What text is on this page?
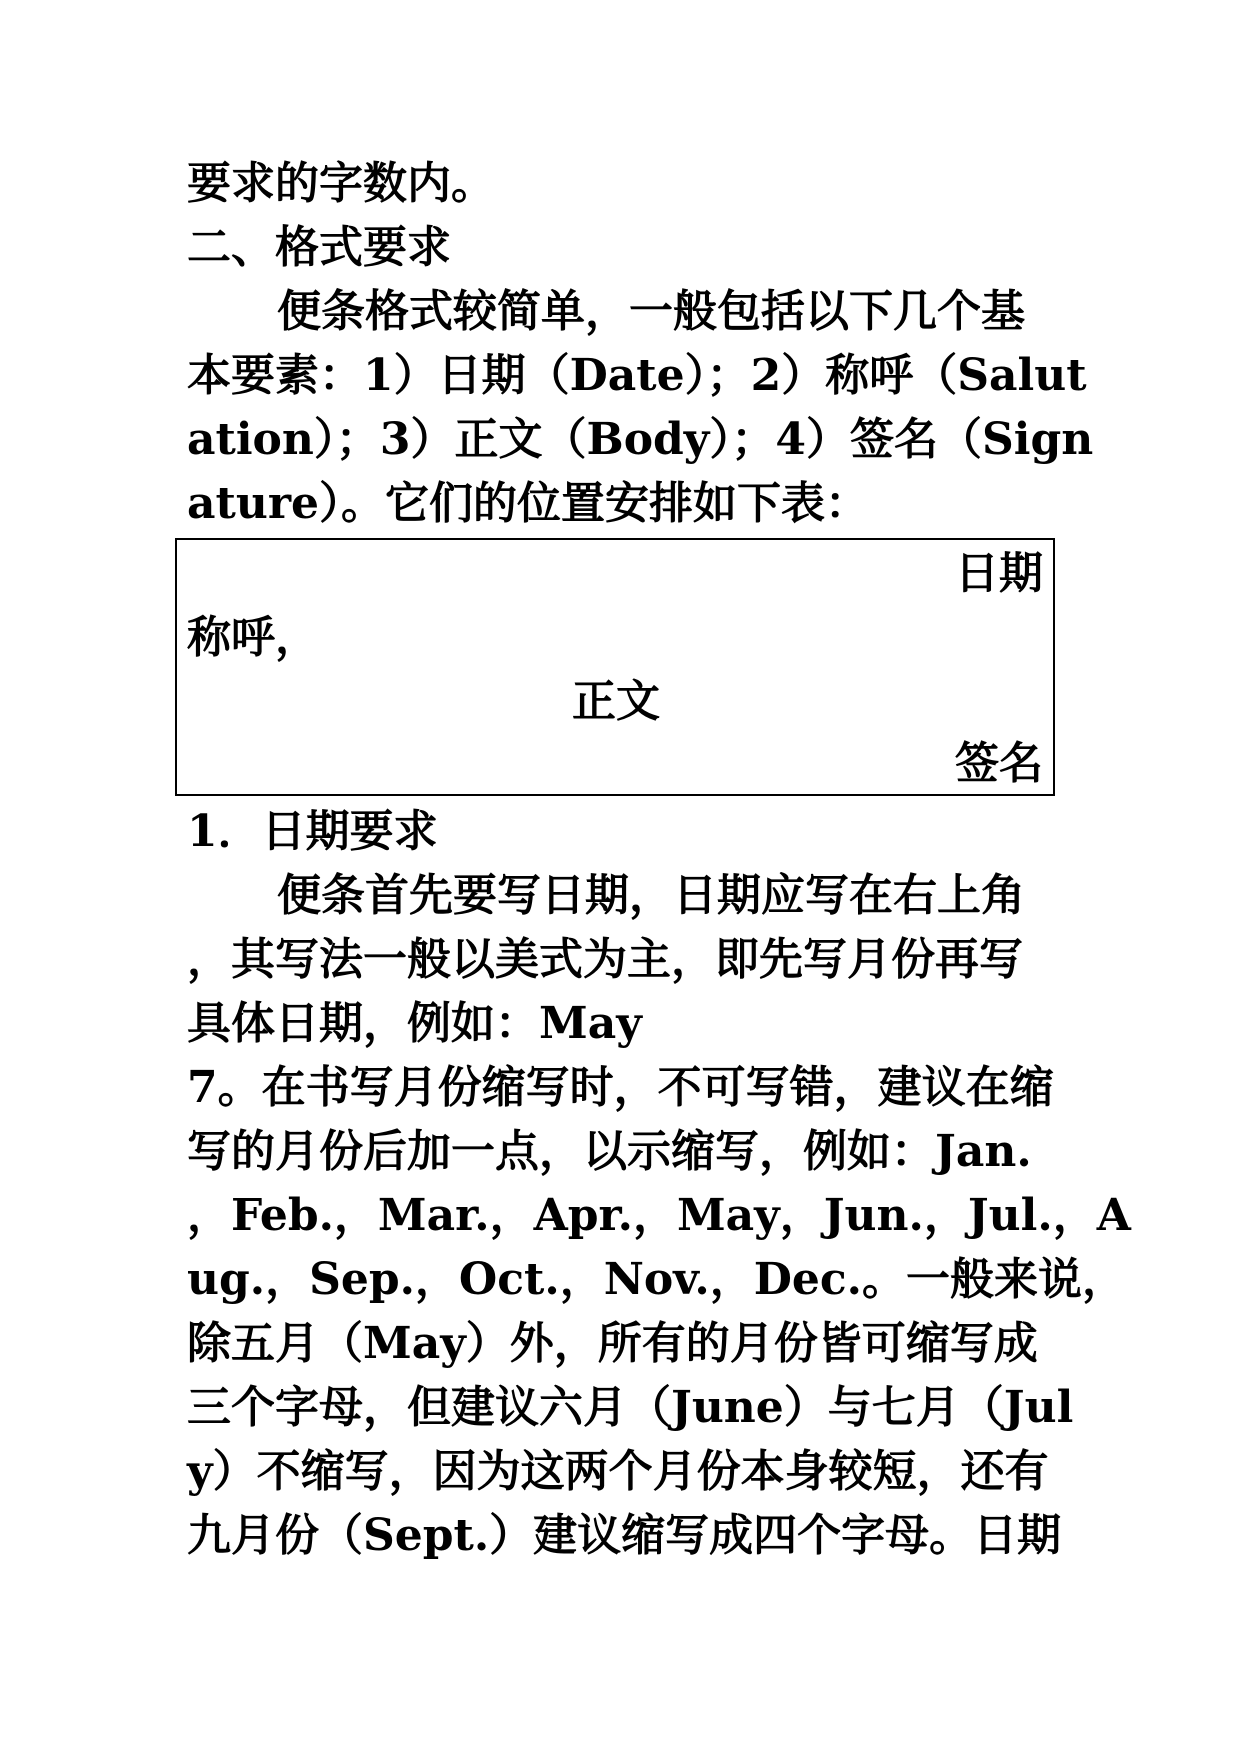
要求的字数内。
二、格式要求
便条格式较简单，一般包括以下几个基
本要素：1）日期（Date）；2）称呼（Salut
ation）；3）正文（Body）；4）签名（Sign
ature）。它们的位置安排如下表：
日期
称呼，
正文
签名
1．日期要求
便条首先要写日期，日期应写在右上角
，其写法一般以美式为主，即先写月份再写
具体日期，例如：May
7。在书写月份缩写时，不可写错，建议在缩
写的月份后加一点，以示缩写，例如：Jan.
，Feb.，Mar.，Apr.，May，Jun.，Jul.，A
ug.，Sep.，Oct.，Nov.，Dec.。一般来说，
除五月（May）外，所有的月份皆可缩写成
三个字母，但建议六月（June）与七月（Jul
y）不缩写，因为这两个月份本身较短，还有
九月份（Sept.）建议缩写成四个字母。日期
